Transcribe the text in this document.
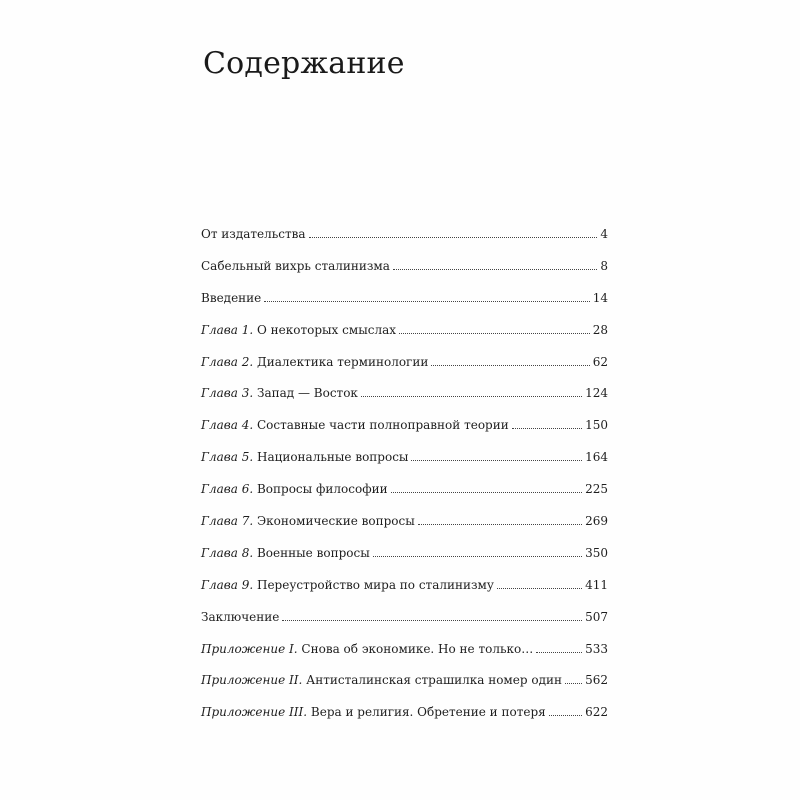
Содержание
От издательства	4
Сабельный вихрь сталинизма	8
Введение	14
Глава 1. О некоторых смыслах	28
Глава 2. Диалектика терминологии	62
Глава 3. Запад — Восток	124
Глава 4. Составные части полноправной теории	150
Глава 5. Национальные вопросы	164
Глава 6. Вопросы философии	225
Глава 7. Экономические вопросы	269
Глава 8. Военные вопросы	350
Глава 9. Переустройство мира по сталинизму	411
Заключение	507
Приложение I. Снова об экономике. Но не только…	533
Приложение II. Антисталинская страшилка номер один 562
Приложение III. Вера и религия. Обретение и потеря	622
